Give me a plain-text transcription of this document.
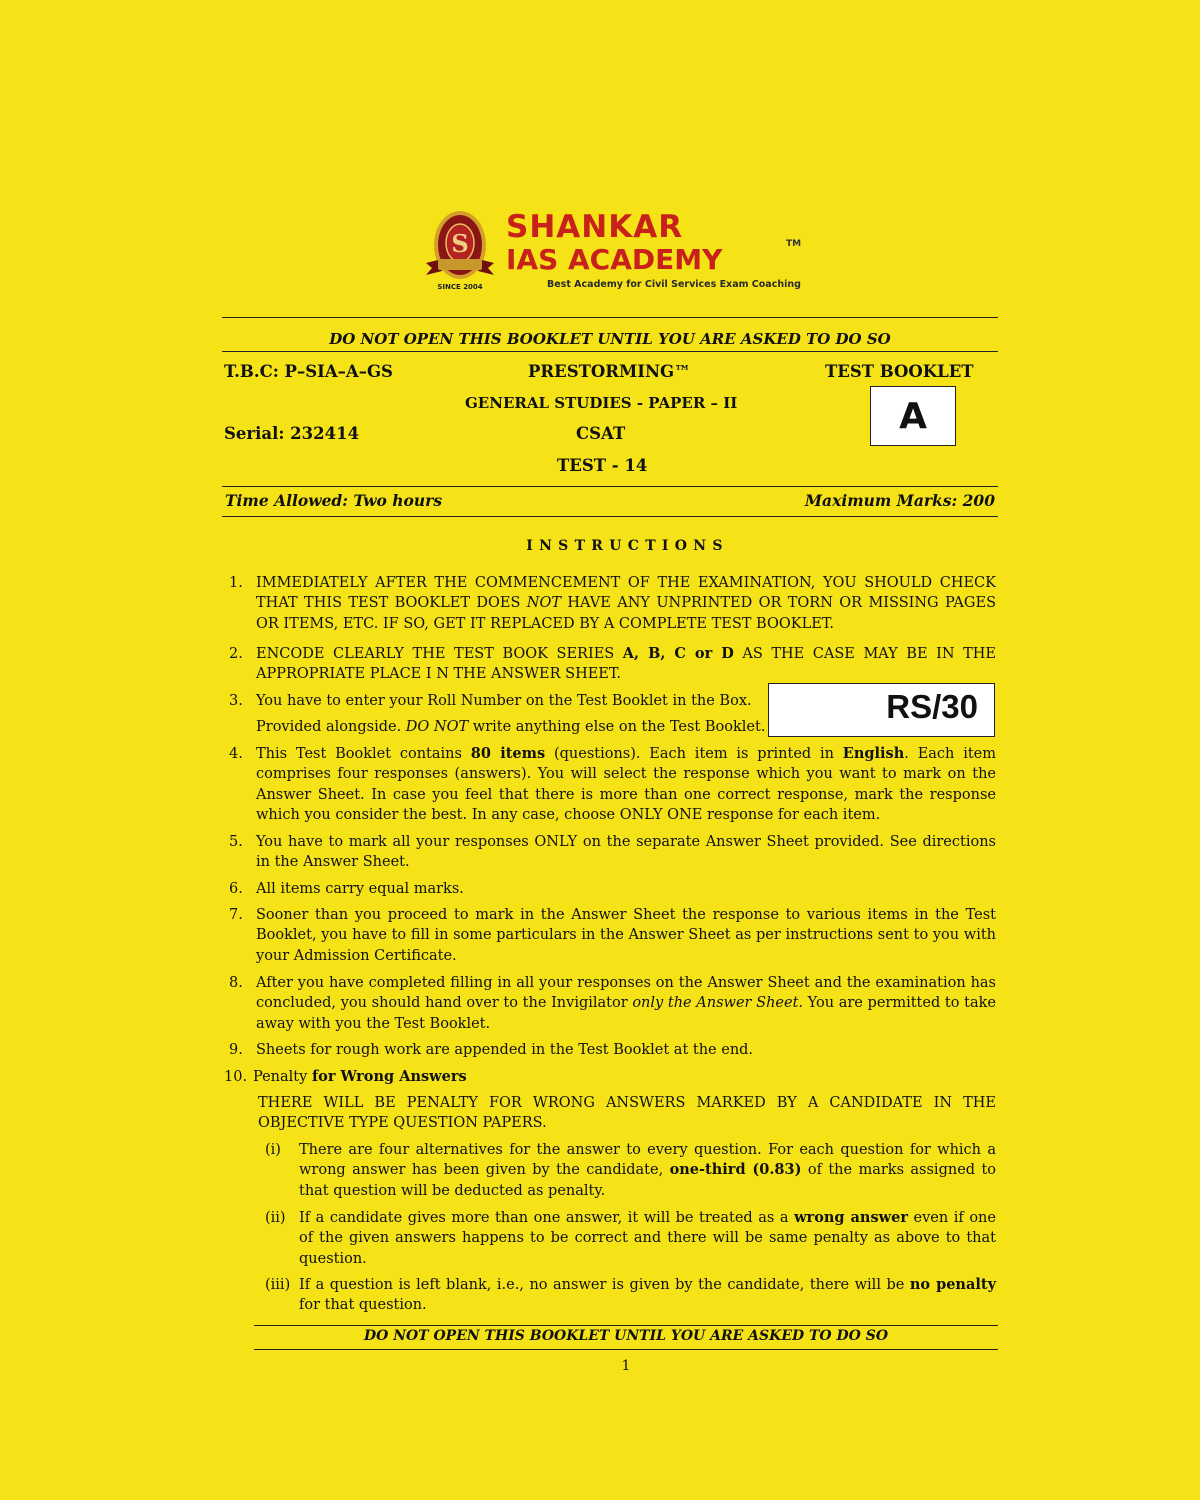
S
SINCE 2004
SHANKAR
IAS ACADEMY	TM
Best Academy for Civil Services Exam Coaching
DO NOT OPEN THIS BOOKLET UNTIL YOU ARE ASKED TO DO SO
T.B.C: P–SIA–A–GS	PRESTORMING™	TEST BOOKLET
GENERAL STUDIES - PAPER – II	A
Serial: 232414	CSAT
TEST - 14
Time Allowed: Two hours	Maximum Marks: 200
INSTRUCTIONS
1. IMMEDIATELY AFTER THE COMMENCEMENT OF THE EXAMINATION, YOU SHOULD CHECK THAT THIS TEST BOOKLET DOES NOT HAVE ANY UNPRINTED OR TORN OR MISSING PAGES OR ITEMS, ETC. IF SO, GET IT REPLACED BY A COMPLETE TEST BOOKLET.
2. ENCODE CLEARLY THE TEST BOOK SERIES A, B, C or D AS THE CASE MAY BE IN THE APPROPRIATE PLACE I N THE ANSWER SHEET.
3. You have to enter your Roll Number on the Test Booklet in the Box.
Provided alongside. DO NOT write anything else on the Test Booklet.
RS/30
4. This Test Booklet contains 80 items (questions). Each item is printed in English. Each item comprises four responses (answers). You will select the response which you want to mark on the Answer Sheet. In case you feel that there is more than one correct response, mark the response which you consider the best. In any case, choose ONLY ONE response for each item.
5. You have to mark all your responses ONLY on the separate Answer Sheet provided. See directions in the Answer Sheet.
6. All items carry equal marks.
7. Sooner than you proceed to mark in the Answer Sheet the response to various items in the Test Booklet, you have to fill in some particulars in the Answer Sheet as per instructions sent to you with your Admission Certificate.
8. After you have completed filling in all your responses on the Answer Sheet and the examination has concluded, you should hand over to the Invigilator only the Answer Sheet. You are permitted to take away with you the Test Booklet.
9. Sheets for rough work are appended in the Test Booklet at the end.
10. Penalty for Wrong Answers
THERE WILL BE PENALTY FOR WRONG ANSWERS MARKED BY A CANDIDATE IN THE OBJECTIVE TYPE QUESTION PAPERS.
(i) There are four alternatives for the answer to every question. For each question for which a wrong answer has been given by the candidate, one-third (0.83) of the marks assigned to that question will be deducted as penalty.
(ii) If a candidate gives more than one answer, it will be treated as a wrong answer even if one of the given answers happens to be correct and there will be same penalty as above to that question.
(iii) If a question is left blank, i.e., no answer is given by the candidate, there will be no penalty for that question.
DO NOT OPEN THIS BOOKLET UNTIL YOU ARE ASKED TO DO SO
1
